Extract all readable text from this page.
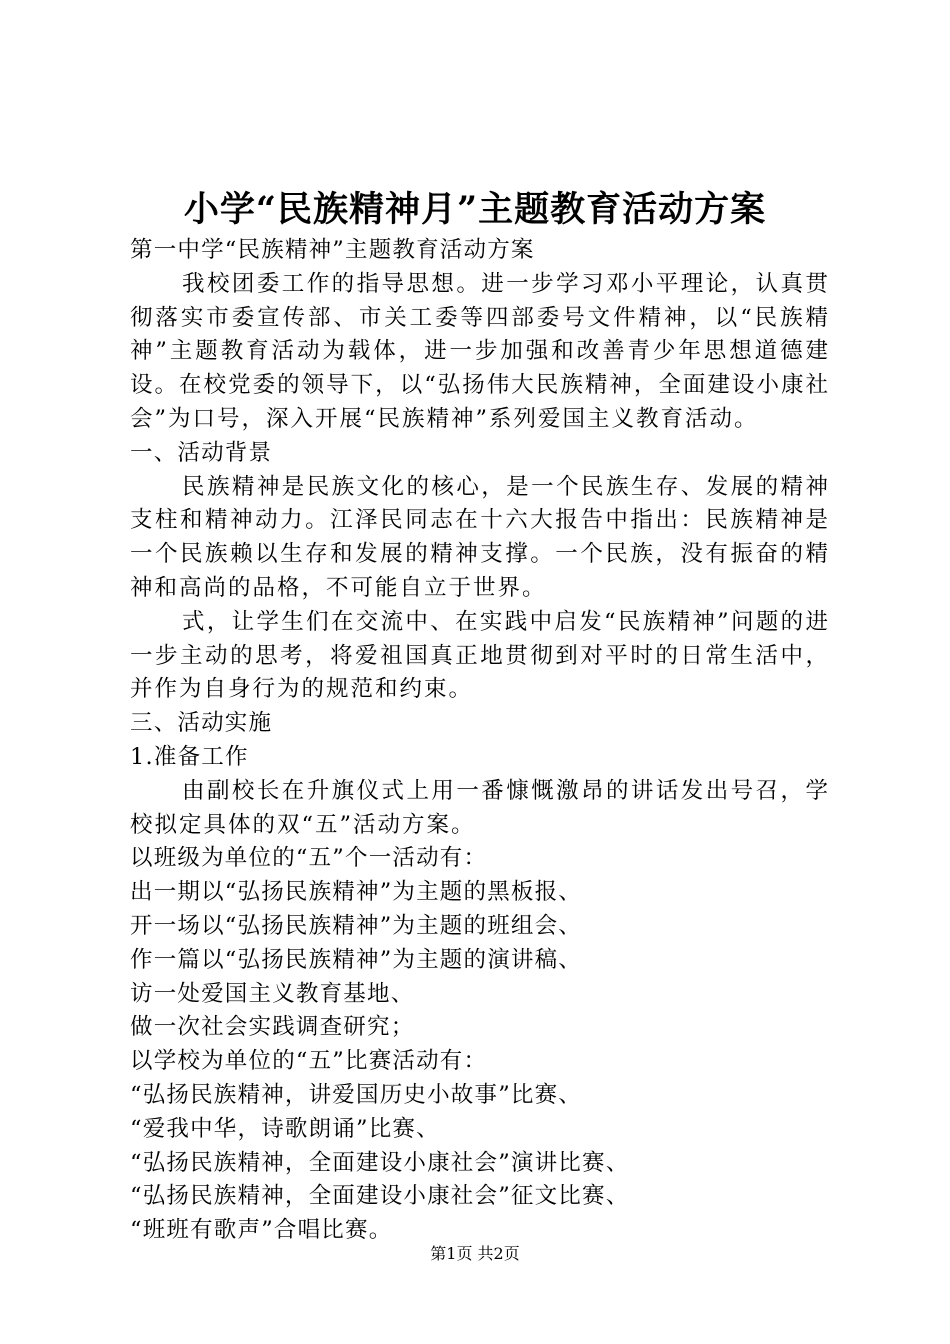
小学“民族精神月”主题教育活动方案

第一中学“民族精神”主题教育活动方案

我校团委工作的指导思想。进一步学习邓小平理论，认真贯彻落实市委宣传部、市关工委等四部委号文件精神，以“民族精神”主题教育活动为载体，进一步加强和改善青少年思想道德建设。在校党委的领导下，以“弘扬伟大民族精神，全面建设小康社会”为口号，深入开展“民族精神”系列爱国主义教育活动。

一、活动背景

民族精神是民族文化的核心，是一个民族生存、发展的精神支柱和精神动力。江泽民同志在十六大报告中指出：民族精神是一个民族赖以生存和发展的精神支撑。一个民族，没有振奋的精神和高尚的品格，不可能自立于世界。

式，让学生们在交流中、在实践中启发“民族精神”问题的进一步主动的思考，将爱祖国真正地贯彻到对平时的日常生活中，并作为自身行为的规范和约束。

三、活动实施

1.准备工作

由副校长在升旗仪式上用一番慷慨激昂的讲话发出号召，学校拟定具体的双“五”活动方案。

以班级为单位的“五”个一活动有：

出一期以“弘扬民族精神”为主题的黑板报、

开一场以“弘扬民族精神”为主题的班组会、

作一篇以“弘扬民族精神”为主题的演讲稿、

访一处爱国主义教育基地、

做一次社会实践调查研究；

以学校为单位的“五”比赛活动有：

“弘扬民族精神，讲爱国历史小故事”比赛、

“爱我中华，诗歌朗诵”比赛、

“弘扬民族精神，全面建设小康社会”演讲比赛、

“弘扬民族精神，全面建设小康社会”征文比赛、

“班班有歌声”合唱比赛。

第1页 共2页
